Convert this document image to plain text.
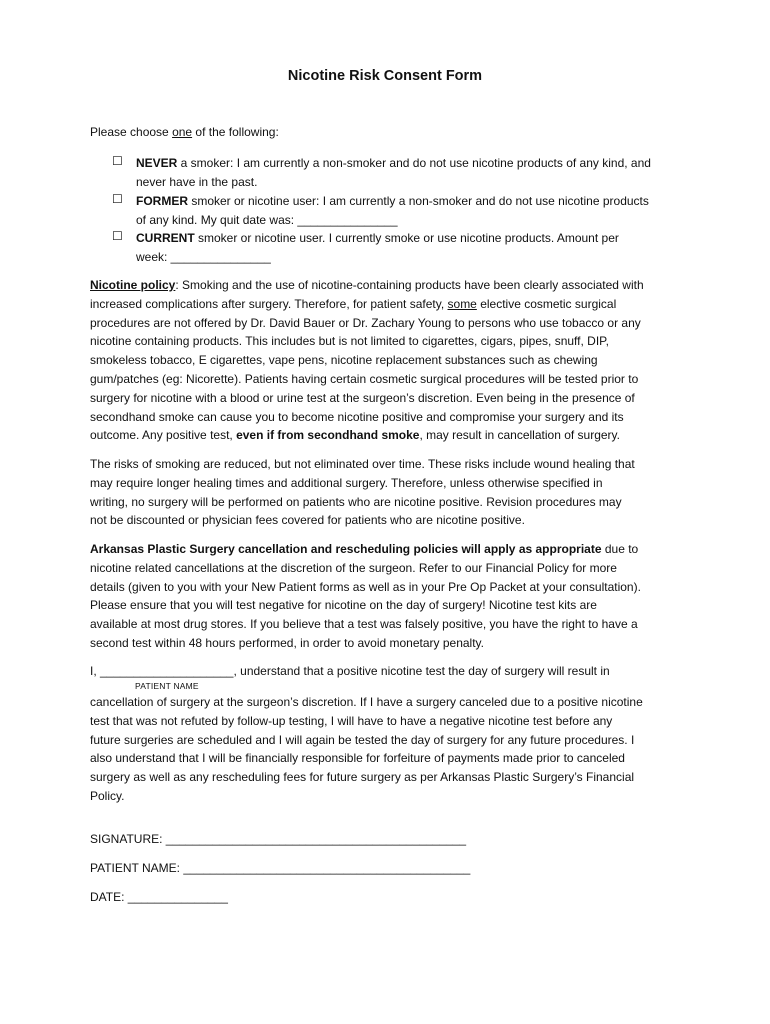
Nicotine Risk Consent Form
Please choose one of the following:
☐ NEVER a smoker: I am currently a non-smoker and do not use nicotine products of any kind, and
never have in the past.
☐ FORMER smoker or nicotine user: I am currently a non-smoker and do not use nicotine products
of any kind. My quit date was: _______________
☐ CURRENT smoker or nicotine user. I currently smoke or use nicotine products. Amount per
week: _______________
Nicotine policy: Smoking and the use of nicotine-containing products have been clearly associated with
increased complications after surgery. Therefore, for patient safety, some elective cosmetic surgical
procedures are not offered by Dr. David Bauer or Dr. Zachary Young to persons who use tobacco or any
nicotine containing products. This includes but is not limited to cigarettes, cigars, pipes, snuff, DIP,
smokeless tobacco, E cigarettes, vape pens, nicotine replacement substances such as chewing
gum/patches (eg: Nicorette). Patients having certain cosmetic surgical procedures will be tested prior to
surgery for nicotine with a blood or urine test at the surgeon’s discretion. Even being in the presence of
secondhand smoke can cause you to become nicotine positive and compromise your surgery and its
outcome. Any positive test, even if from secondhand smoke, may result in cancellation of surgery.
The risks of smoking are reduced, but not eliminated over time. These risks include wound healing that
may require longer healing times and additional surgery. Therefore, unless otherwise specified in
writing, no surgery will be performed on patients who are nicotine positive. Revision procedures may
not be discounted or physician fees covered for patients who are nicotine positive.
Arkansas Plastic Surgery cancellation and rescheduling policies will apply as appropriate due to
nicotine related cancellations at the discretion of the surgeon. Refer to our Financial Policy for more
details (given to you with your New Patient forms as well as in your Pre Op Packet at your consultation).
Please ensure that you will test negative for nicotine on the day of surgery! Nicotine test kits are
available at most drug stores. If you believe that a test was falsely positive, you have the right to have a
second test within 48 hours performed, in order to avoid monetary penalty.
I, ____________________, understand that a positive nicotine test the day of surgery will result in
PATIENT NAME
cancellation of surgery at the surgeon’s discretion. If I have a surgery canceled due to a positive nicotine
test that was not refuted by follow-up testing, I will have to have a negative nicotine test before any
future surgeries are scheduled and I will again be tested the day of surgery for any future procedures. I
also understand that I will be financially responsible for forfeiture of payments made prior to canceled
surgery as well as any rescheduling fees for future surgery as per Arkansas Plastic Surgery’s Financial
Policy.
SIGNATURE: _____________________________________________
PATIENT NAME: ___________________________________________
DATE: _______________
